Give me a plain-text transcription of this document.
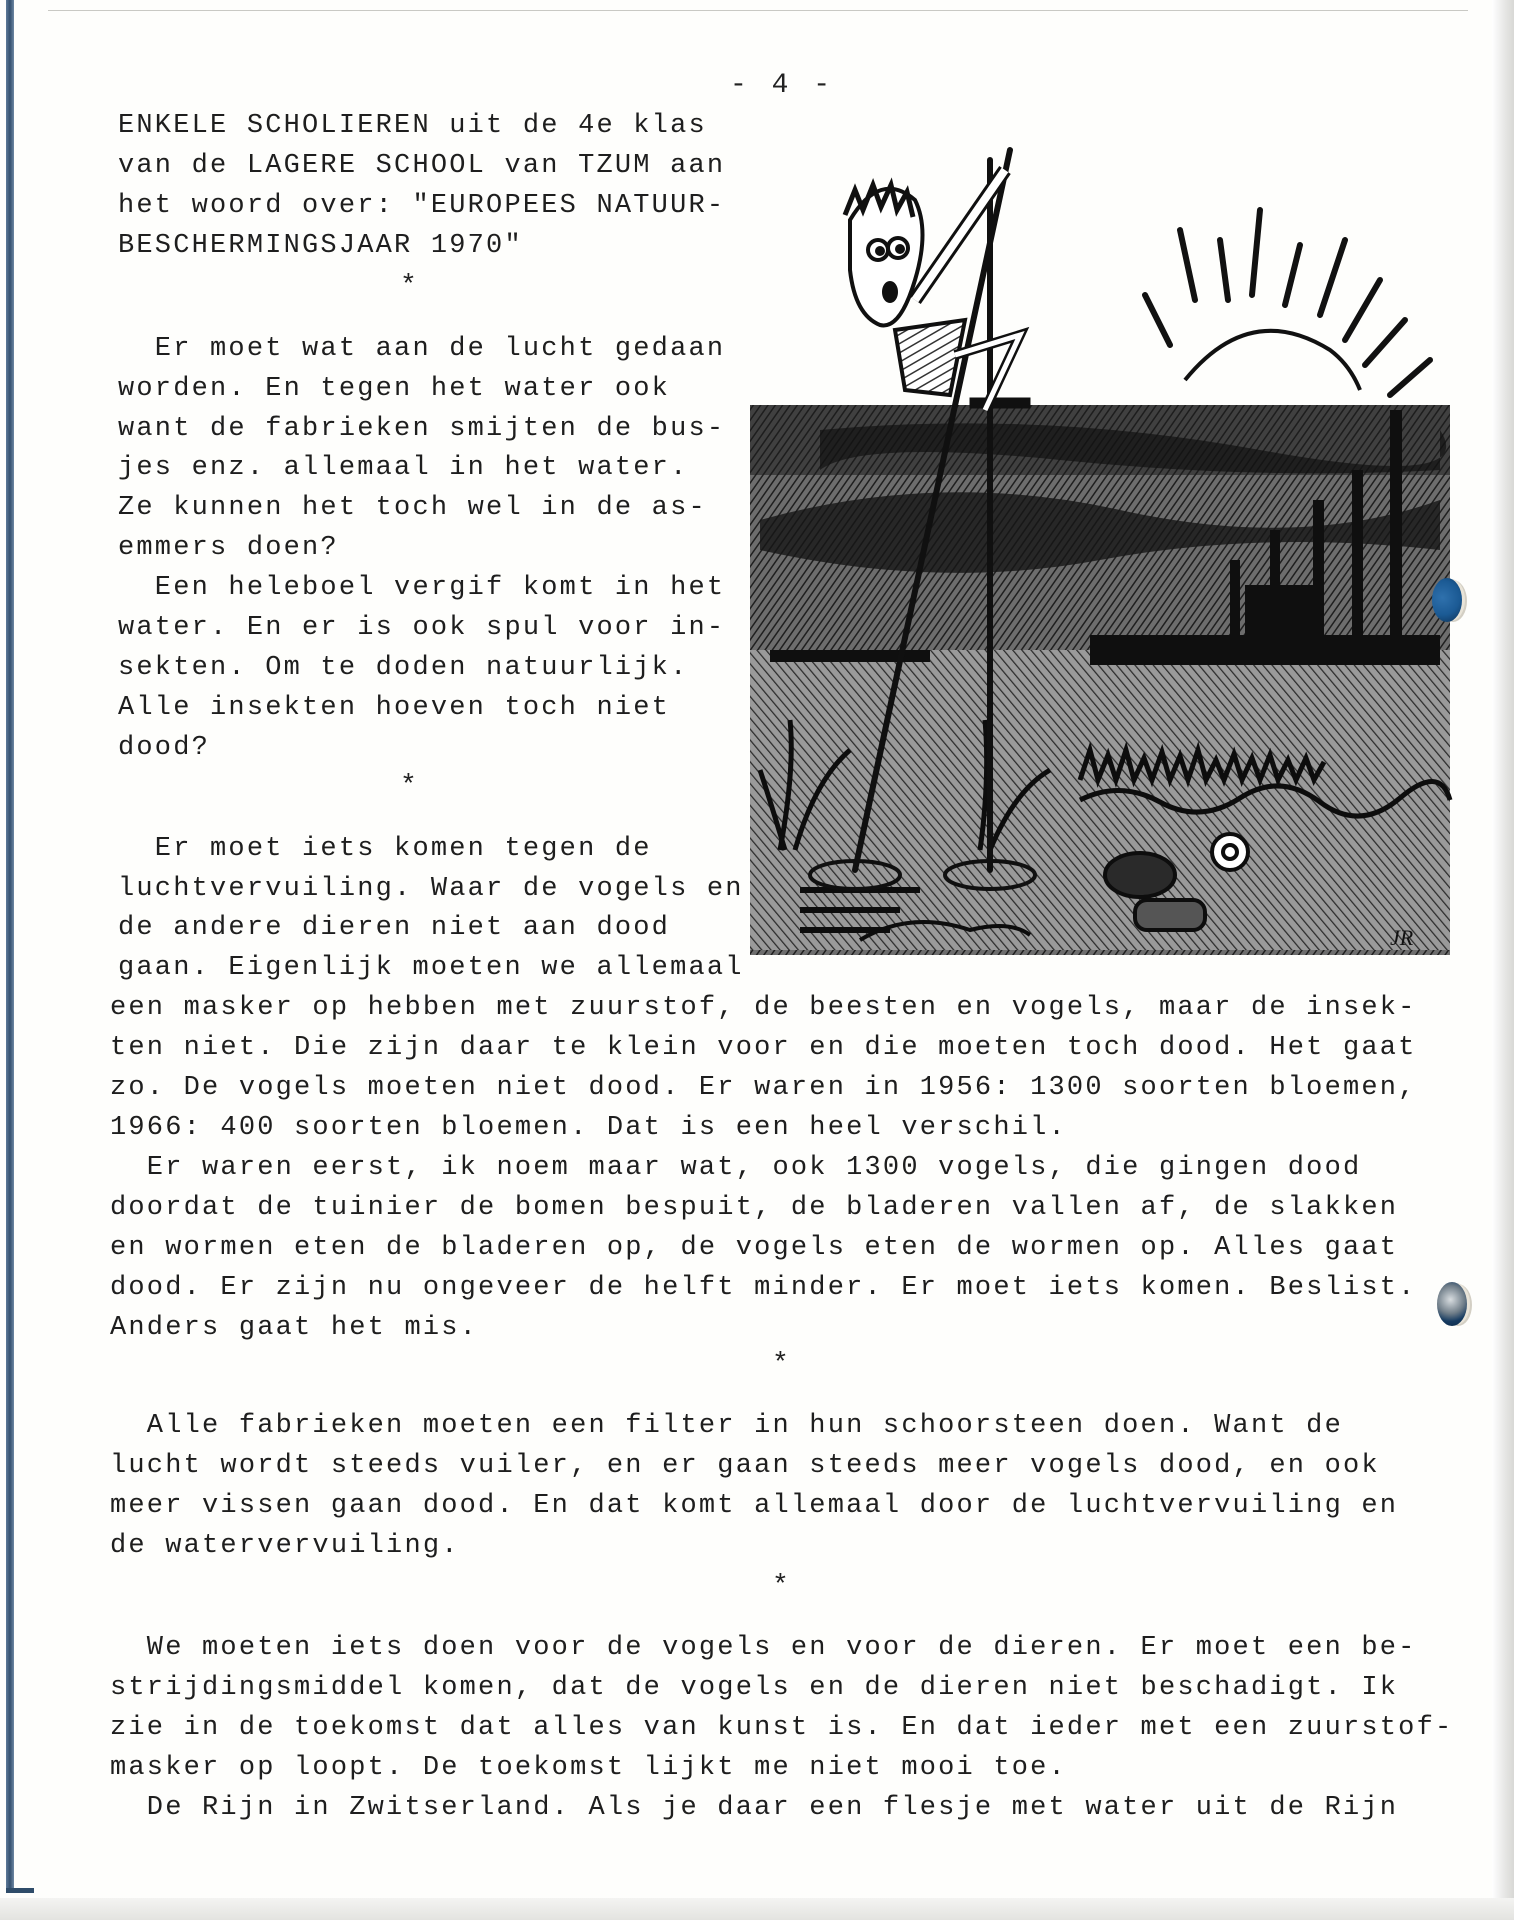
- 4 -
ENKELE SCHOLIEREN uit de 4e klas
van de LAGERE SCHOOL van TZUM aan
het woord over: "EUROPEES NATUUR-
BESCHERMINGSJAAR 1970"
*
Er moet wat aan de lucht gedaan
worden. En tegen het water ook
want de fabrieken smijten de bus-
jes enz. allemaal in het water.
Ze kunnen het toch wel in de as-
emmers doen?
Een heleboel vergif komt in het
water. En er is ook spul voor in-
sekten. Om te doden natuurlijk.
Alle insekten hoeven toch niet
dood?
*
Er moet iets komen tegen de
luchtvervuiling. Waar de vogels en
de andere dieren niet aan dood
gaan. Eigenlijk moeten we allemaal
een masker op hebben met zuurstof, de beesten en vogels, maar de insek-
ten niet. Die zijn daar te klein voor en die moeten toch dood. Het gaat
zo. De vogels moeten niet dood. Er waren in 1956: 1300 soorten bloemen,
1966: 400 soorten bloemen. Dat is een heel verschil.
Er waren eerst, ik noem maar wat, ook 1300 vogels, die gingen dood
doordat de tuinier de bomen bespuit, de bladeren vallen af, de slakken
en wormen eten de bladeren op, de vogels eten de wormen op. Alles gaat
dood. Er zijn nu ongeveer de helft minder. Er moet iets komen. Beslist.
Anders gaat het mis.
*
Alle fabrieken moeten een filter in hun schoorsteen doen. Want de
lucht wordt steeds vuiler, en er gaan steeds meer vogels dood, en ook
meer vissen gaan dood. En dat komt allemaal door de luchtvervuiling en
de watervervuiling.
*
We moeten iets doen voor de vogels en voor de dieren. Er moet een be-
strijdingsmiddel komen, dat de vogels en de dieren niet beschadigt. Ik
zie in de toekomst dat alles van kunst is. En dat ieder met een zuurstof-
masker op loopt. De toekomst lijkt me niet mooi toe.
De Rijn in Zwitserland. Als je daar een flesje met water uit de Rijn
JR
